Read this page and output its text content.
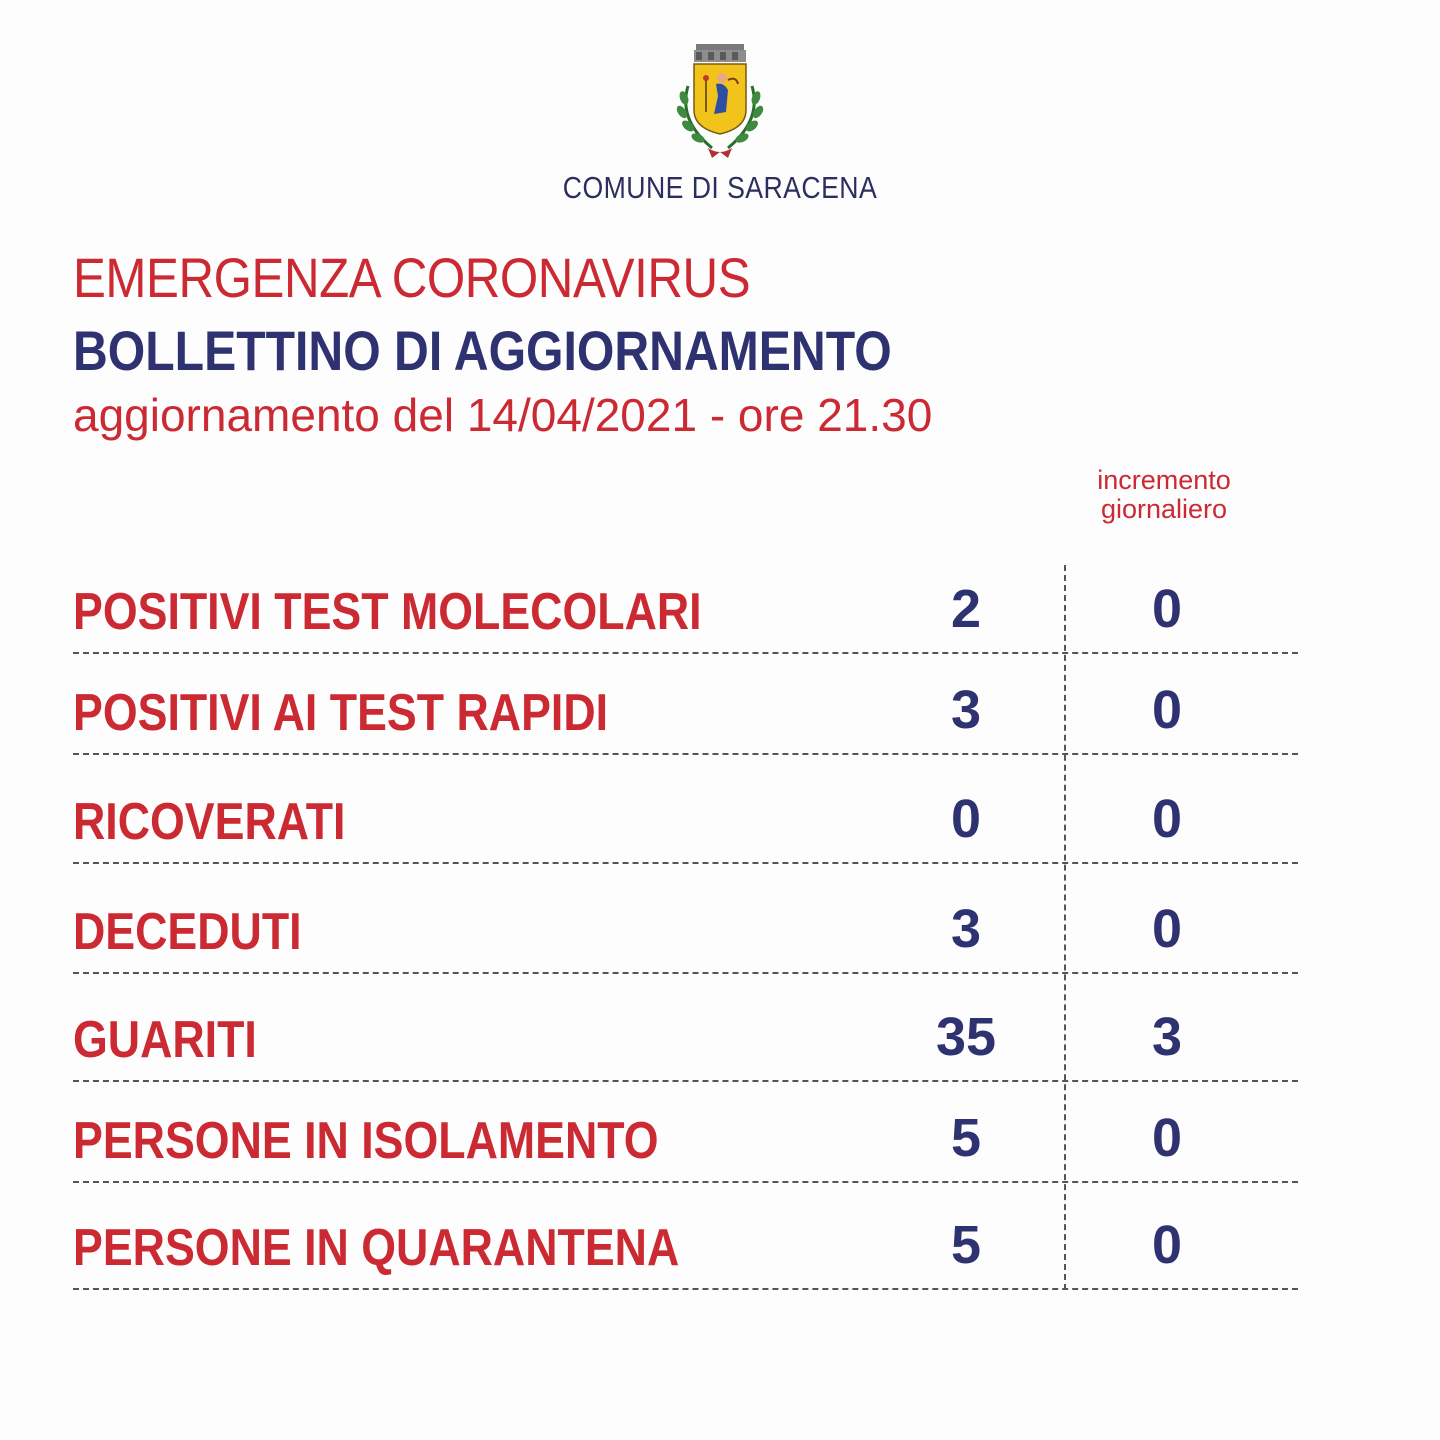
COMUNE DI SARACENA
EMERGENZA CORONAVIRUS
BOLLETTINO DI AGGIORNAMENTO
aggiornamento del 14/04/2021 - ore 21.30
incremento
giornaliero
POSITIVI TEST MOLECOLARI	2	0
POSITIVI AI TEST RAPIDI	3	0
RICOVERATI	0	0
DECEDUTI	3	0
GUARITI	35	3
PERSONE IN ISOLAMENTO	5	0
PERSONE IN QUARANTENA	5	0
